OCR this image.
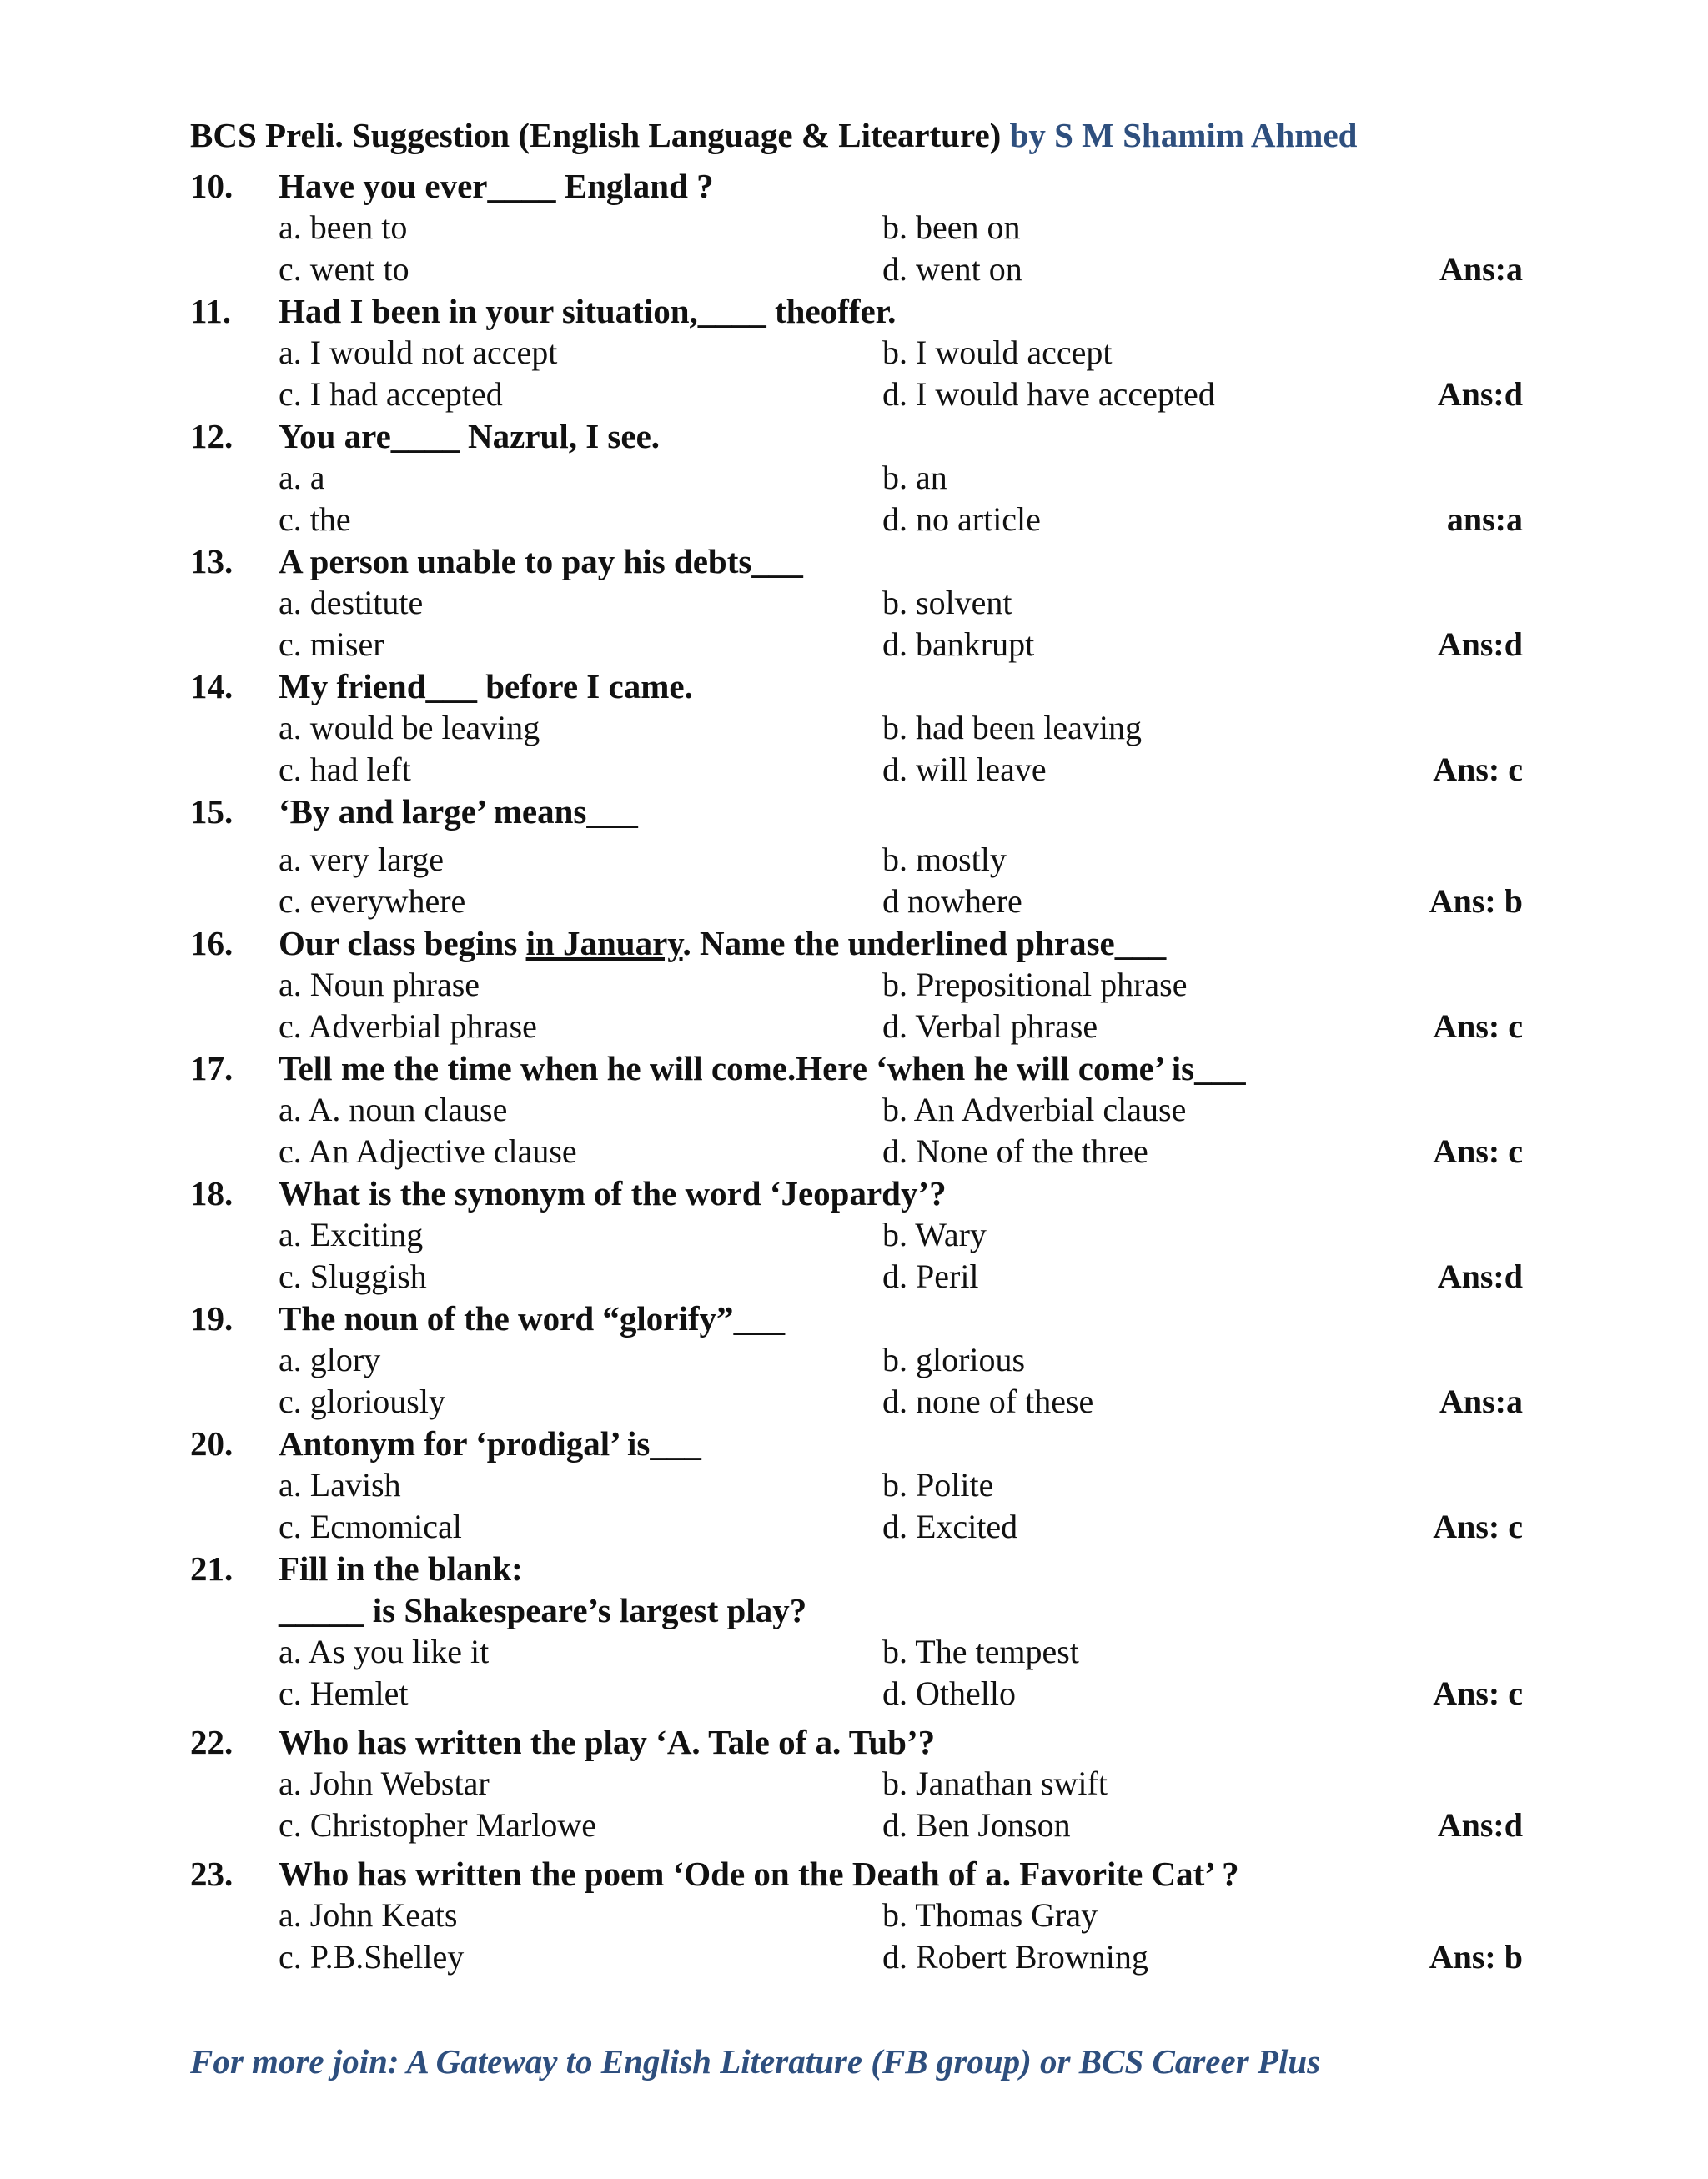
BCS Preli. Suggestion (English Language & Litearture) by S M Shamim Ahmed
10.	Have you ever____ England ?
a. been to	b. been on
c. went to	d. went on	Ans:a
11.	Had I been in your situation,____ theoffer.
a. I would not accept	b. I would accept
c. I had accepted	d. I would have accepted	Ans:d
12.	You are____ Nazrul, I see.
a. a	b. an
c. the	d. no article	ans:a
13.	A person unable to pay his debts___
a. destitute	b. solvent
c. miser	d. bankrupt	Ans:d
14.	My friend___ before I came.
a. would be leaving	b. had been leaving
c. had left	d. will leave	Ans: c
15.	‘By and large’ means___
a. very large	b. mostly
c. everywhere	d nowhere	Ans: b
16.	Our class begins in January. Name the underlined phrase___
a. Noun phrase	b. Prepositional phrase
c. Adverbial phrase	d. Verbal phrase	Ans: c
17.	Tell me the time when he will come.Here ‘when he will come’ is___
a. A. noun clause	b. An Adverbial clause
c. An Adjective clause	d. None of the three	Ans: c
18.	What is the synonym of the word ‘Jeopardy’?
a. Exciting	b. Wary
c. Sluggish	d. Peril	Ans:d
19.	The noun of the word “glorify”___
a. glory	b. glorious
c. gloriously	d. none of these	Ans:a
20.	Antonym for ‘prodigal’ is___
a. Lavish	b. Polite
c. Ecmomical	d. Excited	Ans: c
21.	Fill in the blank:
_____ is Shakespeare’s largest play?
a. As you like it	b. The tempest
c. Hemlet	d. Othello	Ans: c
22.	Who has written the play ‘A. Tale of a. Tub’?
a. John Webstar	b. Janathan swift
c. Christopher Marlowe	d. Ben Jonson	Ans:d
23.	Who has written the poem ‘Ode on the Death of a. Favorite Cat’ ?
a. John Keats	b. Thomas Gray
c. P.B.Shelley	d. Robert Browning	Ans: b
For more join: A Gateway to English Literature (FB group) or BCS Career Plus
